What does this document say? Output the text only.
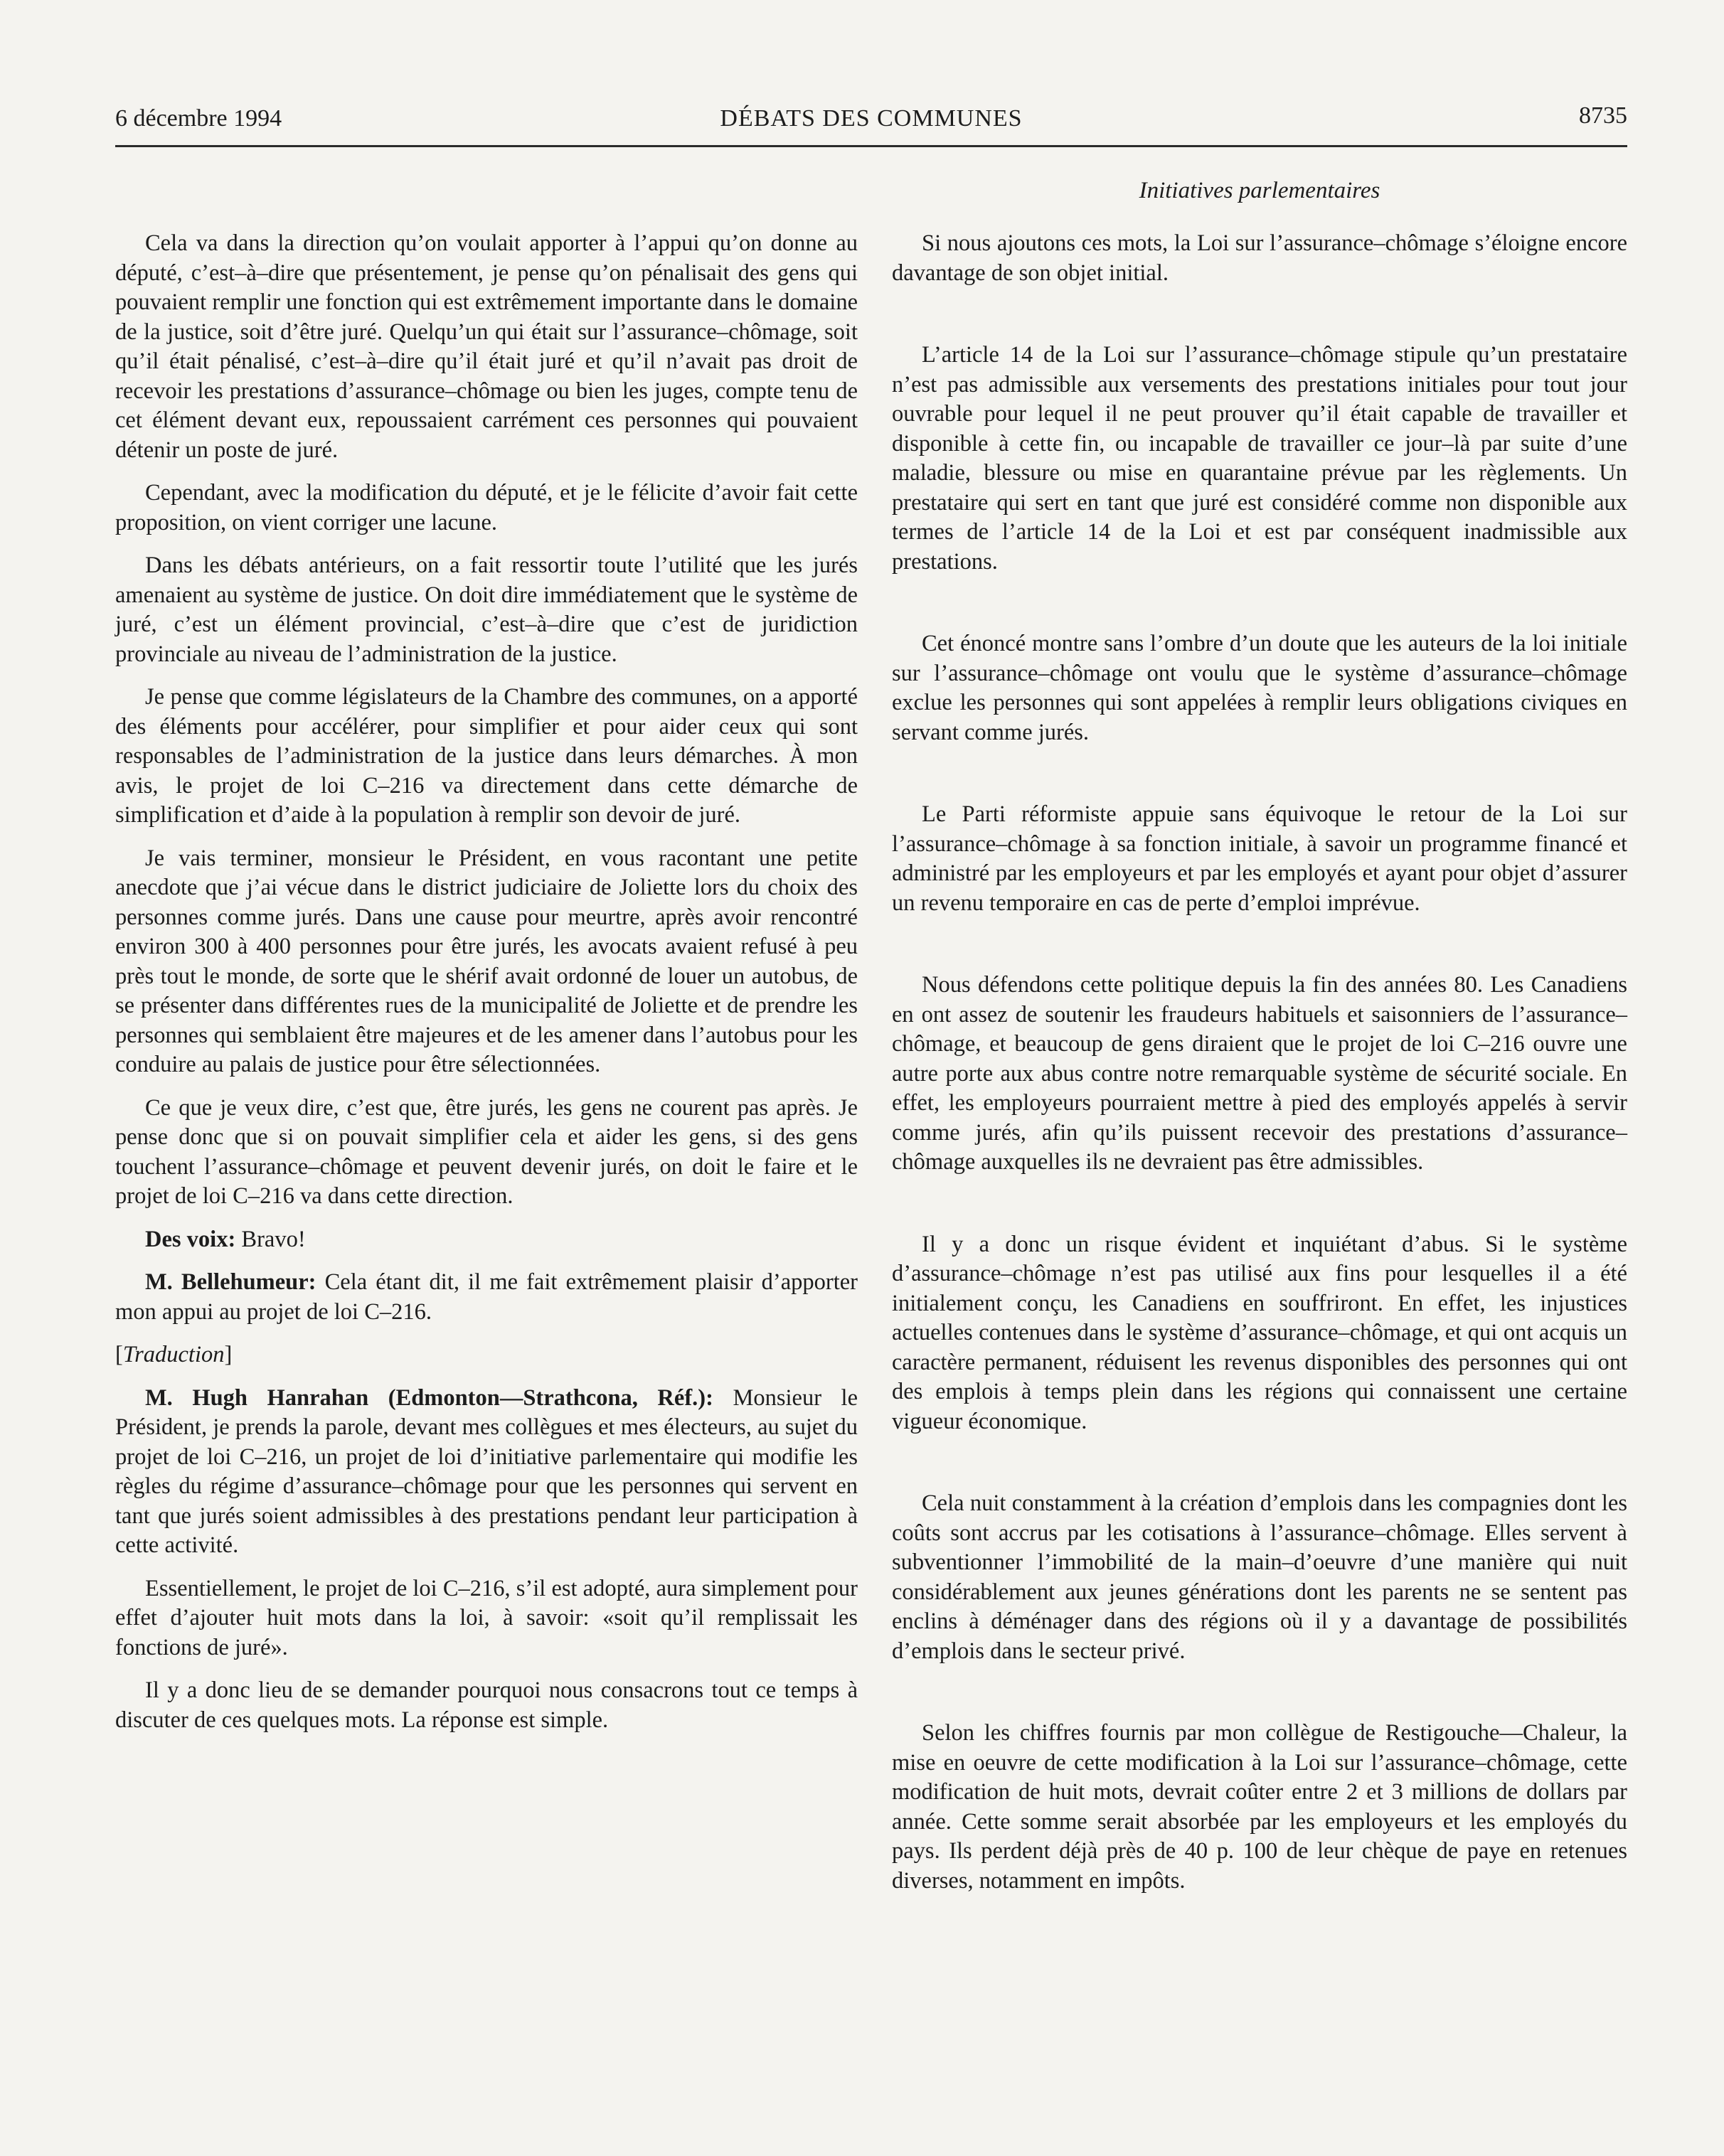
6 décembre 1994	DÉBATS DES COMMUNES	8735
Initiatives parlementaires

Cela va dans la direction qu’on voulait apporter à l’appui qu’on donne au député, c’est–à–dire que présentement, je pense qu’on pénalisait des gens qui pouvaient remplir une fonction qui est extrêmement importante dans le domaine de la justice, soit d’être juré. Quelqu’un qui était sur l’assurance–chômage, soit qu’il était pénalisé, c’est–à–dire qu’il était juré et qu’il n’avait pas droit de recevoir les prestations d’assurance–chômage ou bien les juges, compte tenu de cet élément devant eux, repoussaient carrément ces personnes qui pouvaient détenir un poste de juré.

Cependant, avec la modification du député, et je le félicite d’avoir fait cette proposition, on vient corriger une lacune.

Dans les débats antérieurs, on a fait ressortir toute l’utilité que les jurés amenaient au système de justice. On doit dire immédiatement que le système de juré, c’est un élément provincial, c’est–à–dire que c’est de juridiction provinciale au niveau de l’administration de la justice.

Je pense que comme législateurs de la Chambre des communes, on a apporté des éléments pour accélérer, pour simplifier et pour aider ceux qui sont responsables de l’administration de la justice dans leurs démarches. À mon avis, le projet de loi C–216 va directement dans cette démarche de simplification et d’aide à la population à remplir son devoir de juré.

Je vais terminer, monsieur le Président, en vous racontant une petite anecdote que j’ai vécue dans le district judiciaire de Joliette lors du choix des personnes comme jurés. Dans une cause pour meurtre, après avoir rencontré environ 300 à 400 personnes pour être jurés, les avocats avaient refusé à peu près tout le monde, de sorte que le shérif avait ordonné de louer un autobus, de se présenter dans différentes rues de la municipalité de Joliette et de prendre les personnes qui semblaient être majeures et de les amener dans l’autobus pour les conduire au palais de justice pour être sélectionnées.

Ce que je veux dire, c’est que, être jurés, les gens ne courent pas après. Je pense donc que si on pouvait simplifier cela et aider les gens, si des gens touchent l’assurance–chômage et peuvent devenir jurés, on doit le faire et le projet de loi C–216 va dans cette direction.

Des voix: Bravo!

M. Bellehumeur: Cela étant dit, il me fait extrêmement plaisir d’apporter mon appui au projet de loi C–216.

[Traduction]

M. Hugh Hanrahan (Edmonton—Strathcona, Réf.): Monsieur le Président, je prends la parole, devant mes collègues et mes électeurs, au sujet du projet de loi C–216, un projet de loi d’initiative parlementaire qui modifie les règles du régime d’assurance–chômage pour que les personnes qui servent en tant que jurés soient admissibles à des prestations pendant leur participation à cette activité.

Essentiellement, le projet de loi C–216, s’il est adopté, aura simplement pour effet d’ajouter huit mots dans la loi, à savoir: «soit qu’il remplissait les fonctions de juré».

Il y a donc lieu de se demander pourquoi nous consacrons tout ce temps à discuter de ces quelques mots. La réponse est simple.

Si nous ajoutons ces mots, la Loi sur l’assurance–chômage s’éloigne encore davantage de son objet initial.

L’article 14 de la Loi sur l’assurance–chômage stipule qu’un prestataire n’est pas admissible aux versements des prestations initiales pour tout jour ouvrable pour lequel il ne peut prouver qu’il était capable de travailler et disponible à cette fin, ou incapable de travailler ce jour–là par suite d’une maladie, blessure ou mise en quarantaine prévue par les règlements. Un prestataire qui sert en tant que juré est considéré comme non disponible aux termes de l’article 14 de la Loi et est par conséquent inadmissible aux prestations.

Cet énoncé montre sans l’ombre d’un doute que les auteurs de la loi initiale sur l’assurance–chômage ont voulu que le système d’assurance–chômage exclue les personnes qui sont appelées à remplir leurs obligations civiques en servant comme jurés.

Le Parti réformiste appuie sans équivoque le retour de la Loi sur l’assurance–chômage à sa fonction initiale, à savoir un programme financé et administré par les employeurs et par les employés et ayant pour objet d’assurer un revenu temporaire en cas de perte d’emploi imprévue.

Nous défendons cette politique depuis la fin des années 80. Les Canadiens en ont assez de soutenir les fraudeurs habituels et saisonniers de l’assurance–chômage, et beaucoup de gens diraient que le projet de loi C–216 ouvre une autre porte aux abus contre notre remarquable système de sécurité sociale. En effet, les employeurs pourraient mettre à pied des employés appelés à servir comme jurés, afin qu’ils puissent recevoir des prestations d’assurance–chômage auxquelles ils ne devraient pas être admissibles.

Il y a donc un risque évident et inquiétant d’abus. Si le système d’assurance–chômage n’est pas utilisé aux fins pour lesquelles il a été initialement conçu, les Canadiens en souffriront. En effet, les injustices actuelles contenues dans le système d’assurance–chômage, et qui ont acquis un caractère permanent, réduisent les revenus disponibles des personnes qui ont des emplois à temps plein dans les régions qui connaissent une certaine vigueur économique.

Cela nuit constamment à la création d’emplois dans les compagnies dont les coûts sont accrus par les cotisations à l’assurance–chômage. Elles servent à subventionner l’immobilité de la main–d’oeuvre d’une manière qui nuit considérablement aux jeunes générations dont les parents ne se sentent pas enclins à déménager dans des régions où il y a davantage de possibilités d’emplois dans le secteur privé.

Selon les chiffres fournis par mon collègue de Restigouche—Chaleur, la mise en oeuvre de cette modification à la Loi sur l’assurance–chômage, cette modification de huit mots, devrait coûter entre 2 et 3 millions de dollars par année. Cette somme serait absorbée par les employeurs et les employés du pays. Ils perdent déjà près de 40 p. 100 de leur chèque de paye en retenues diverses, notamment en impôts.
